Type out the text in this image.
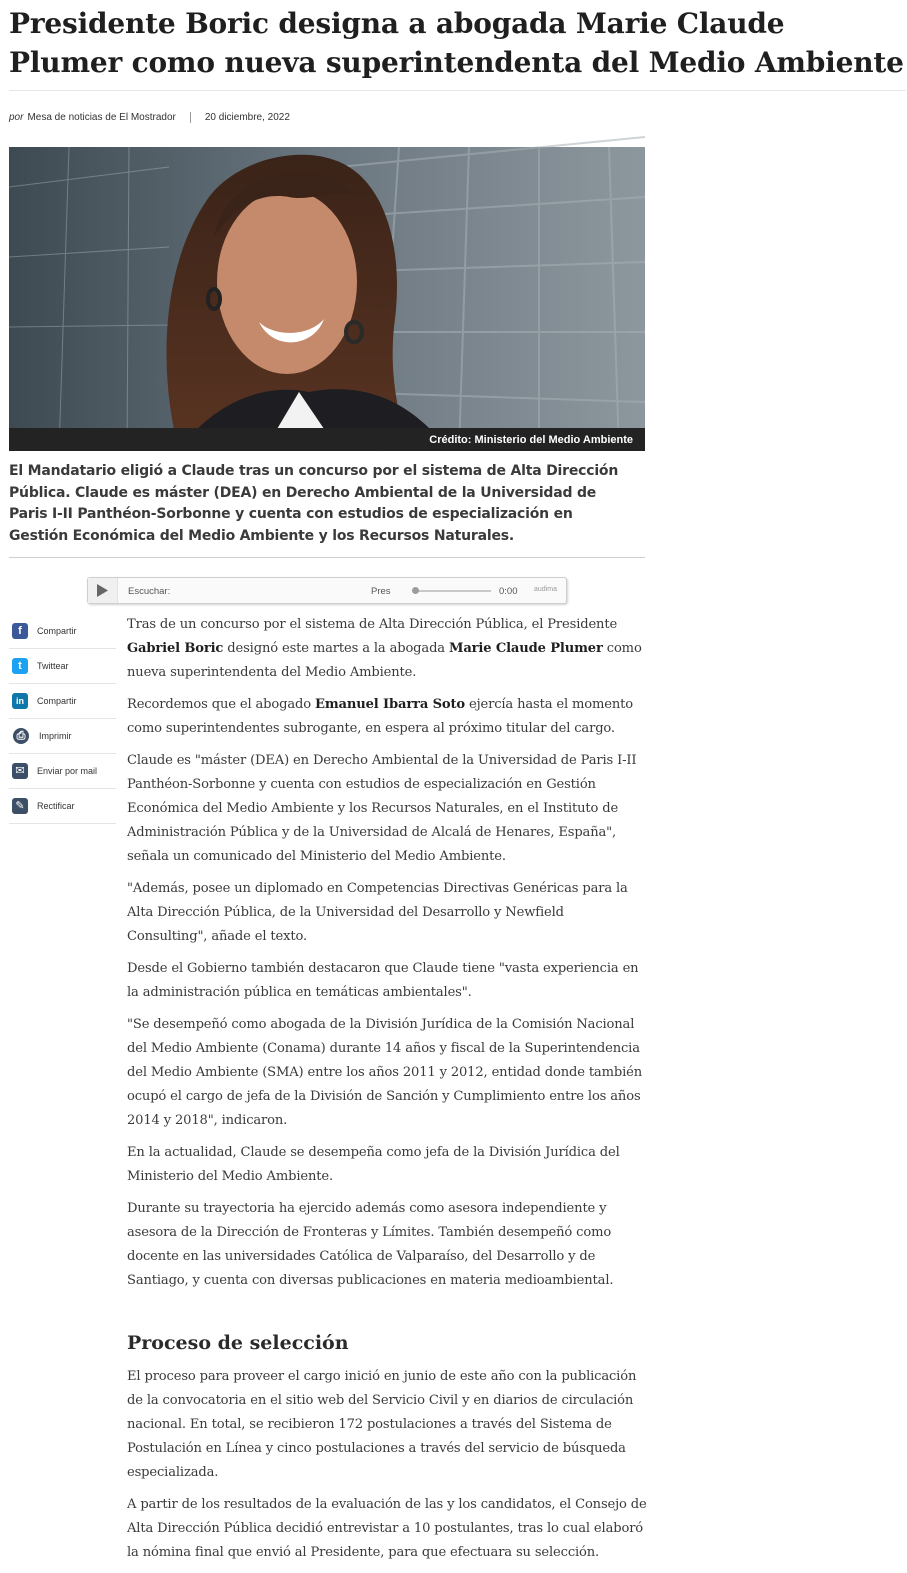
Presidente Boric designa a abogada Marie Claude Plumer como nueva superintendenta del Medio Ambiente
por Mesa de noticias de El Mostrador	20 diciembre, 2022
Crédito: Ministerio del Medio Ambiente

El Mandatario eligió a Claude tras un concurso por el sistema de Alta Dirección Pública. Claude es máster (DEA) en Derecho Ambiental de la Universidad de Paris I-II Panthéon-Sorbonne y cuenta con estudios de especialización en Gestión Económica del Medio Ambiente y los Recursos Naturales.

Escuchar:	Pres	0:00 audima
f	Compartir
t	Twittear
in	Compartir
⎙	Imprimir
✉	Enviar por mail
✎	Rectificar

Tras de un concurso por el sistema de Alta Dirección Pública, el Presidente Gabriel Boric designó este martes a la abogada Marie Claude Plumer como nueva superintendenta del Medio Ambiente.

Recordemos que el abogado Emanuel Ibarra Soto ejercía hasta el momento como superintendentes subrogante, en espera al próximo titular del cargo.

Claude es "máster (DEA) en Derecho Ambiental de la Universidad de Paris I-II Panthéon-Sorbonne y cuenta con estudios de especialización en Gestión Económica del Medio Ambiente y los Recursos Naturales, en el Instituto de Administración Pública y de la Universidad de Alcalá de Henares, España", señala un comunicado del Ministerio del Medio Ambiente.

"Además, posee un diplomado en Competencias Directivas Genéricas para la Alta Dirección Pública, de la Universidad del Desarrollo y Newfield Consulting", añade el texto.

Desde el Gobierno también destacaron que Claude tiene "vasta experiencia en la administración pública en temáticas ambientales".

"Se desempeñó como abogada de la División Jurídica de la Comisión Nacional del Medio Ambiente (Conama) durante 14 años y fiscal de la Superintendencia del Medio Ambiente (SMA) entre los años 2011 y 2012, entidad donde también ocupó el cargo de jefa de la División de Sanción y Cumplimiento entre los años 2014 y 2018", indicaron.

En la actualidad, Claude se desempeña como jefa de la División Jurídica del Ministerio del Medio Ambiente.

Durante su trayectoria ha ejercido además como asesora independiente y asesora de la Dirección de Fronteras y Límites. También desempeñó como docente en las universidades Católica de Valparaíso, del Desarrollo y de Santiago, y cuenta con diversas publicaciones en materia medioambiental.

Proceso de selección

El proceso para proveer el cargo inició en junio de este año con la publicación de la convocatoria en el sitio web del Servicio Civil y en diarios de circulación nacional. En total, se recibieron 172 postulaciones a través del Sistema de Postulación en Línea y cinco postulaciones a través del servicio de búsqueda especializada.

A partir de los resultados de la evaluación de las y los candidatos, el Consejo de Alta Dirección Pública decidió entrevistar a 10 postulantes, tras lo cual elaboró la nómina final que envió al Presidente, para que efectuara su selección.
